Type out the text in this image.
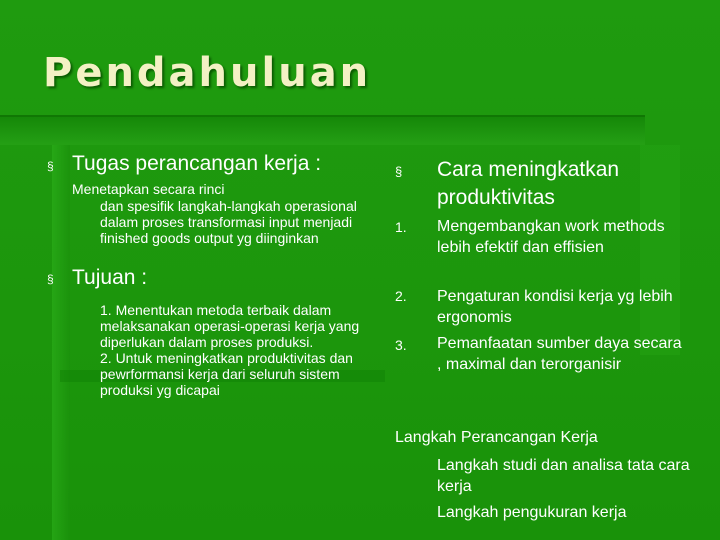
Pendahuluan
§ Tugas perancangan kerja : Menetapkan secara rinci
dan spesifik langkah-langkah operasional dalam proses transformasi input menjadi finished goods output yg diinginkan
§ Tujuan :
1. Menentukan metoda terbaik dalam melaksanakan operasi-operasi kerja yang diperlukan dalam proses produksi.
2. Untuk meningkatkan produktivitas dan pewrformansi kerja dari seluruh sistem produksi yg dicapai
§ Cara meningkatkan produktivitas
1. Mengembangkan work methods lebih efektif dan effisien
2. Pengaturan kondisi kerja yg lebih ergonomis
3. Pemanfaatan sumber daya secara , maximal dan terorganisir
Langkah Perancangan Kerja
Langkah studi dan analisa tata cara kerja
Langkah pengukuran kerja
